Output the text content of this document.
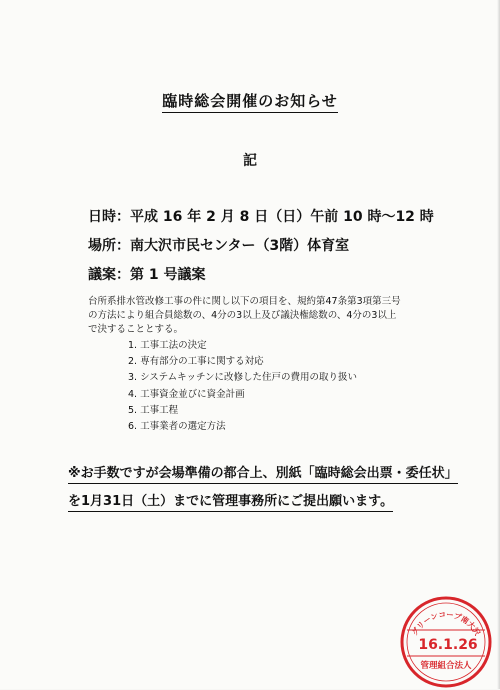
臨時総会開催のお知らせ
記
日時：平成 16 年 2 月 8 日（日）午前 10 時〜12 時
場所：南大沢市民センター（3階）体育室
議案：第 1 号議案
台所系排水管改修工事の件に関し以下の項目を、規約第47条第3項第三号
の方法により組合員総数の、4分の3以上及び議決権総数の、4分の3以上
で決することとする。
1. 工事工法の決定
2. 専有部分の工事に関する対応
3. システムキッチンに改修した住戸の費用の取り扱い
4. 工事資金並びに資金計画
5. 工事工程
6. 工事業者の選定方法
※お手数ですが会場準備の都合上、別紙「臨時総会出票・委任状」
を1月31日（土）までに管理事務所にご提出願います。
グリーンコープ南大沢
16.1.26
管理組合法人
